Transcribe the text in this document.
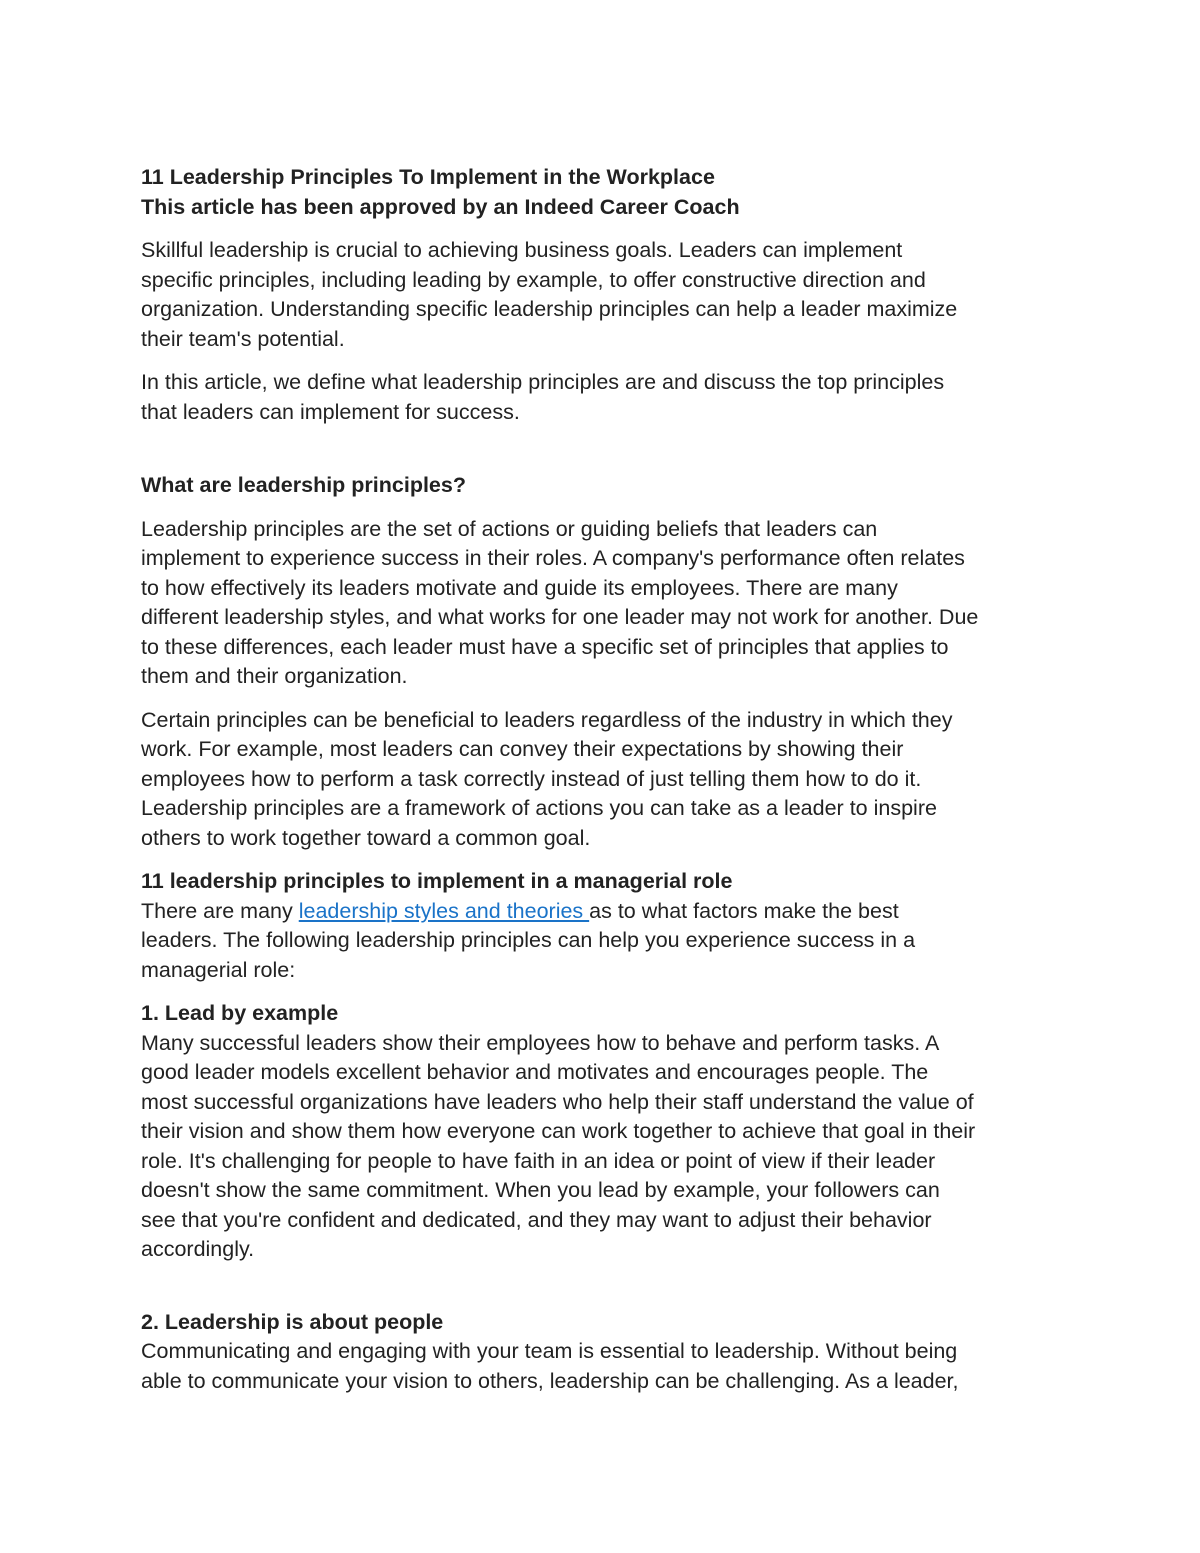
11 Leadership Principles To Implement in the Workplace
This article has been approved by an Indeed Career Coach

Skillful leadership is crucial to achieving business goals. Leaders can implement
specific principles, including leading by example, to offer constructive direction and
organization. Understanding specific leadership principles can help a leader maximize
their team's potential.

In this article, we define what leadership principles are and discuss the top principles
that leaders can implement for success.

What are leadership principles?

Leadership principles are the set of actions or guiding beliefs that leaders can
implement to experience success in their roles. A company's performance often relates
to how effectively its leaders motivate and guide its employees. There are many
different leadership styles, and what works for one leader may not work for another. Due
to these differences, each leader must have a specific set of principles that applies to
them and their organization.

Certain principles can be beneficial to leaders regardless of the industry in which they
work. For example, most leaders can convey their expectations by showing their
employees how to perform a task correctly instead of just telling them how to do it.
Leadership principles are a framework of actions you can take as a leader to inspire
others to work together toward a common goal.

11 leadership principles to implement in a managerial role

There are many leadership styles and theories as to what factors make the best
leaders. The following leadership principles can help you experience success in a
managerial role:

1. Lead by example

Many successful leaders show their employees how to behave and perform tasks. A
good leader models excellent behavior and motivates and encourages people. The
most successful organizations have leaders who help their staff understand the value of
their vision and show them how everyone can work together to achieve that goal in their
role. It's challenging for people to have faith in an idea or point of view if their leader
doesn't show the same commitment. When you lead by example, your followers can
see that you're confident and dedicated, and they may want to adjust their behavior
accordingly.

2. Leadership is about people

Communicating and engaging with your team is essential to leadership. Without being
able to communicate your vision to others, leadership can be challenging. As a leader,
